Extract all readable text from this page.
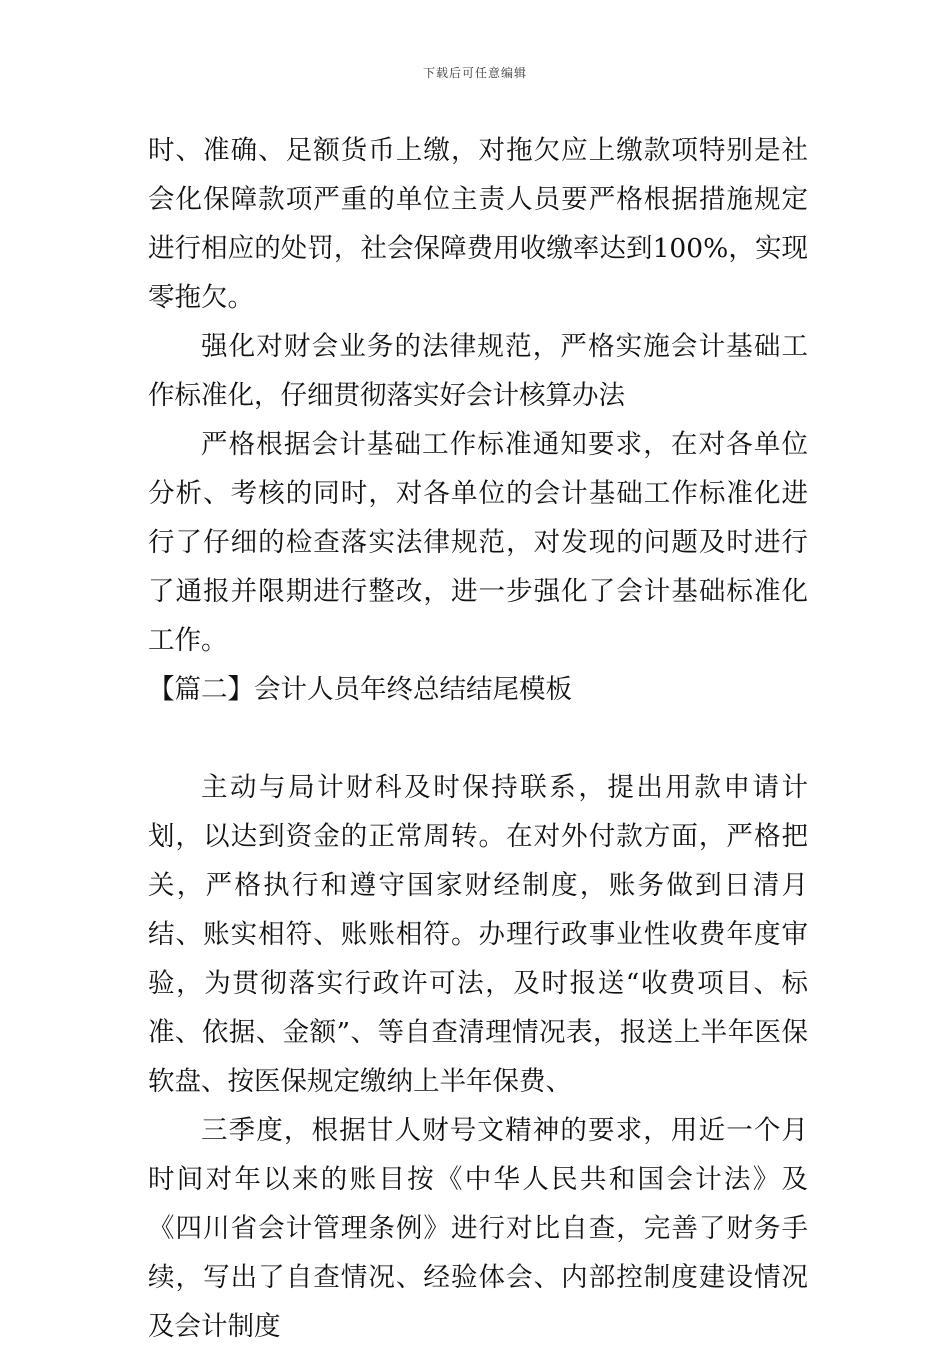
下载后可任意编辑

时、准确、足额货币上缴，对拖欠应上缴款项特别是社会化保障款项严重的单位主责人员要严格根据措施规定进行相应的处罚，社会保障费用收缴率达到100%，实现零拖欠。

强化对财会业务的法律规范，严格实施会计基础工作标准化，仔细贯彻落实好会计核算办法

严格根据会计基础工作标准通知要求，在对各单位分析、考核的同时，对各单位的会计基础工作标准化进行了仔细的检查落实法律规范，对发现的问题及时进行了通报并限期进行整改，进一步强化了会计基础标准化工作。

【篇二】会计人员年终总结结尾模板

主动与局计财科及时保持联系，提出用款申请计划，以达到资金的正常周转。在对外付款方面，严格把关，严格执行和遵守国家财经制度，账务做到日清月结、账实相符、账账相符。办理行政事业性收费年度审验，为贯彻落实行政许可法，及时报送“收费项目、标准、依据、金额”、等自查清理情况表，报送上半年医保软盘、按医保规定缴纳上半年保费、

三季度，根据甘人财号文精神的要求，用近一个月时间对年以来的账目按《中华人民共和国会计法》及《四川省会计管理条例》进行对比自查，完善了财务手续，写出了自查情况、经验体会、内部控制度建设情况及会计制度
